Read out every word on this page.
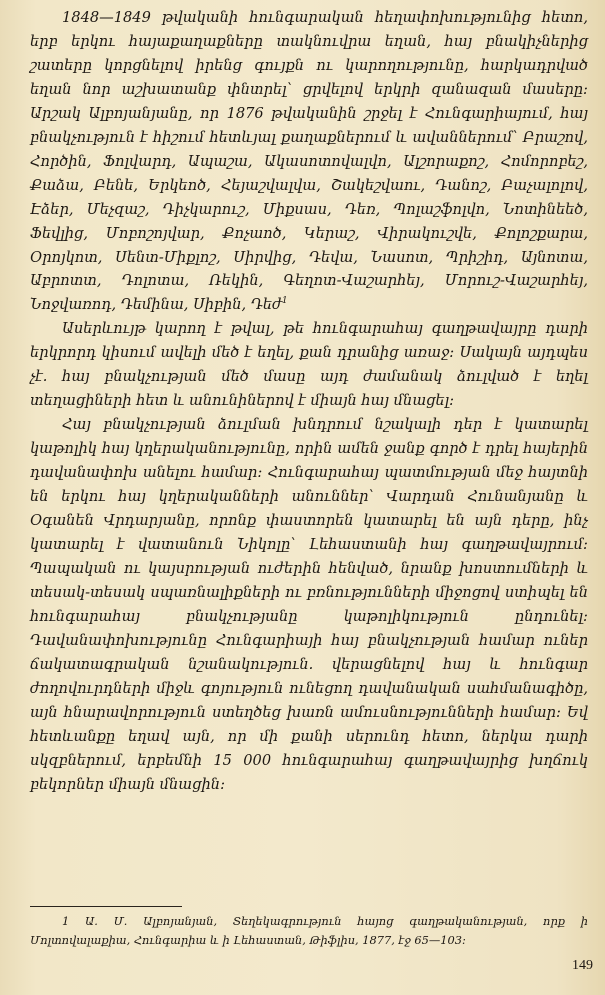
1848—1849 թվականի հունգարական հեղափոխությունից հետո, երբ երկու հայաքաղաքները տակնուվրա եղան, հայ բնակիչներից շատերը կորցնելով իրենց գույքն ու կարողությունը, հարկադրված եղան նոր աշխատանք փնտրել՝ ցրվելով երկրի զանազան մասերը։ Արշակ Ալբոյանյանը, որ 1876 թվականին շրջել է Հունգարիայում, հայ բնակչություն է հիշում հետևյալ քաղաքներում և ավաններում՝ Բրաշով, Հործին, Ֆոլվարդ, Ապաշա, Ակասոտովալվո, Ալշորաքոշ, Հոմորոբեշ, Քաձա, Բենե, Երկեոծ, Հեյաշվալվա, Շակեշվաու, Դանոշ, Բաչալոլով, Էձեր, Մեչզաշ, Դիչկարուշ, Միքսաս, Դեռ, Պոլաշֆոլվո, Նոտինեեծ, Ֆեվլից, Մոբոշոյվար, Քոչաոծ, Կերաշ, Վիրակուշվե, Քոլոշքարա, Օրոյկոտ, Սենտ-Միքլոշ, Սիրվից, Դեվա, Նասոտ, Պրիշիդ, Այնոտա, Աբրոտտ, Դոլոտա, Ռեկին, Գեղոտ-Վաշարհեյ, Մորուշ-Վաշարհեյ, Նոջվառոդ, Դեմինա, Սիբին, Դեժ$^1$

Ասերևույթ կարող է թվալ, թե հունգարահայ գաղթավայրը դարի երկրորդ կիսում ավելի մեծ է եղել, քան դրանից առաջ։ Սակայն այդպես չէ. հայ բնակչության մեծ մասը այդ ժամանակ ձուլված է եղել տեղացիների հետ և անունիներով է միայն հայ մնացել։

Հայ բնակչության ձուլման խնդրում նշակալի դեր է կատարել կաթոլիկ հայ կղերականությունը, որին ամեն ջանք գործ է դրել հայերին դավանափոխ անելու համար։ Հունգարահայ պատմության մեջ հայտնի են երկու հայ կղերականների անուններ՝ Վարդան Հունանյանը և Օգանեն Վրդարյանը, որոնք փաստորեն կատարել են այն դերը, ինչ կատարել է վատանուն Նիկոլը՝ Լեհաստանի հայ գաղթավայրում։ Պապական ու կայսրության ուժերին հենված, նրանք խոստումների և տեսակ-տեսակ սպառնալիքների ու բռնությունների միջոցով ստիպել են հունգարահայ բնակչությանը կաթոլիկություն ընդունել։ Դավանափոխությունը Հունգարիայի հայ բնակչության համար ուներ ճակատագրական նշանակություն. վերացնելով հայ և հունգար ժողովուրդների միջև գոյություն ունեցող դավանական սահմանագիծը, այն հնարավորություն ստեղծեց խառն ամուսնությունների համար։ Եվ հետևանքը եղավ այն, որ մի քանի սերունդ հետո, ներկա դարի սկզբներում, երբեմնի 15 000 հունգարահայ գաղթավայրից խղճուկ բեկորներ միայն մնացին։

1 Ա. Մ. Ալբոյանյան, Տեղեկագրություն հայոց գաղթականության, որք ի Մոլտովալաքիա, Հունգարիա և ի Լեհաստան, Թիֆլիս, 1877, էջ 65—103։

149
